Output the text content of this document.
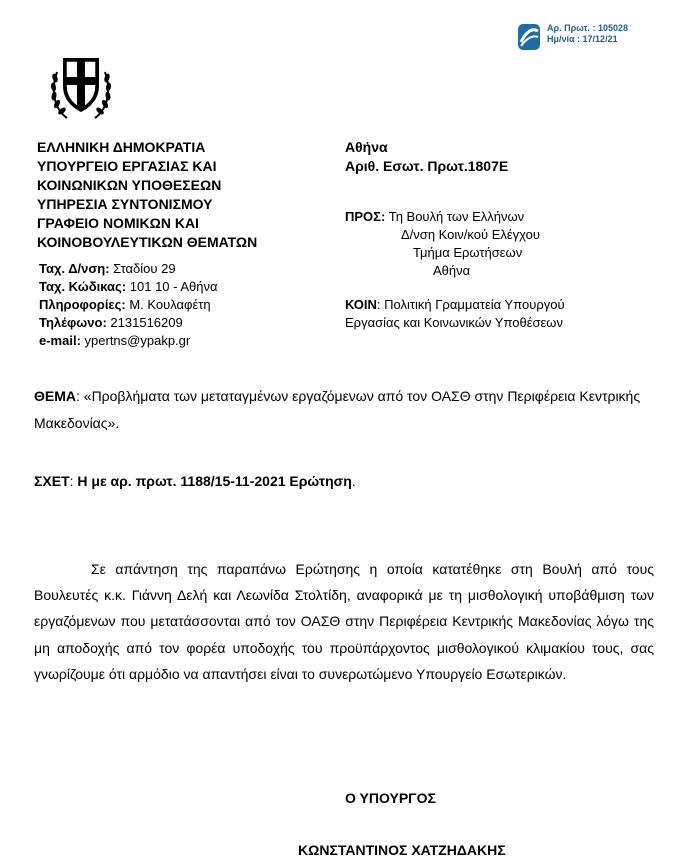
Αρ. Πρωτ. : 105028
Ημ/νία : 17/12/21
ΕΛΛΗΝΙΚΗ ΔΗΜΟΚΡΑΤΙΑ
ΥΠΟΥΡΓΕΙΟ ΕΡΓΑΣΙΑΣ ΚΑΙ
ΚΟΙΝΩΝΙΚΩΝ ΥΠΟΘΕΣΕΩΝ
ΥΠΗΡΕΣΙΑ ΣΥΝΤΟΝΙΣΜΟΥ
ΓΡΑΦΕΙΟ ΝΟΜΙΚΩΝ ΚΑΙ
ΚΟΙΝΟΒΟΥΛΕΥΤΙΚΩΝ ΘΕΜΑΤΩΝ
Ταχ. Δ/νση: Σταδίου 29
Ταχ. Κώδικας: 101 10 - Αθήνα
Πληροφορίες: Μ. Κουλαφέτη
Τηλέφωνο: 2131516209
e-mail: ypertns@ypakp.gr
Αθήνα
Αριθ. Εσωτ. Πρωτ.1807Ε
ΠΡΟΣ: Τη Βουλή των Ελλήνων
Δ/νση Κοιν/κού Ελέγχου
Τμήμα Ερωτήσεων
Αθήνα
ΚΟΙΝ: Πολιτική Γραμματεία Υπουργού
Εργασίας και Κοινωνικών Υποθέσεων
ΘΕΜΑ: «Προβλήματα των μεταταγμένων εργαζόμενων από τον ΟΑΣΘ στην Περιφέρεια Κεντρικής Μακεδονίας».
ΣΧΕΤ: Η με αρ. πρωτ. 1188/15-11-2021 Ερώτηση.
Σε απάντηση της παραπάνω Ερώτησης η οποία κατατέθηκε στη Βουλή από τους Βουλευτές κ.κ. Γιάννη Δελή και Λεωνίδα Στολτίδη, αναφορικά με τη μισθολογική υποβάθμιση των εργαζόμενων που μετατάσσονται από τον ΟΑΣΘ στην Περιφέρεια Κεντρικής Μακεδονίας λόγω της μη αποδοχής από τον φορέα υποδοχής του προϋπάρχοντος μισθολογικού κλιμακίου τους, σας γνωρίζουμε ότι αρμόδιο να απαντήσει είναι το συνερωτώμενο Υπουργείο Εσωτερικών.
Ο ΥΠΟΥΡΓΟΣ
ΚΩΝΣΤΑΝΤΙΝΟΣ ΧΑΤΖΗΔΑΚΗΣ
